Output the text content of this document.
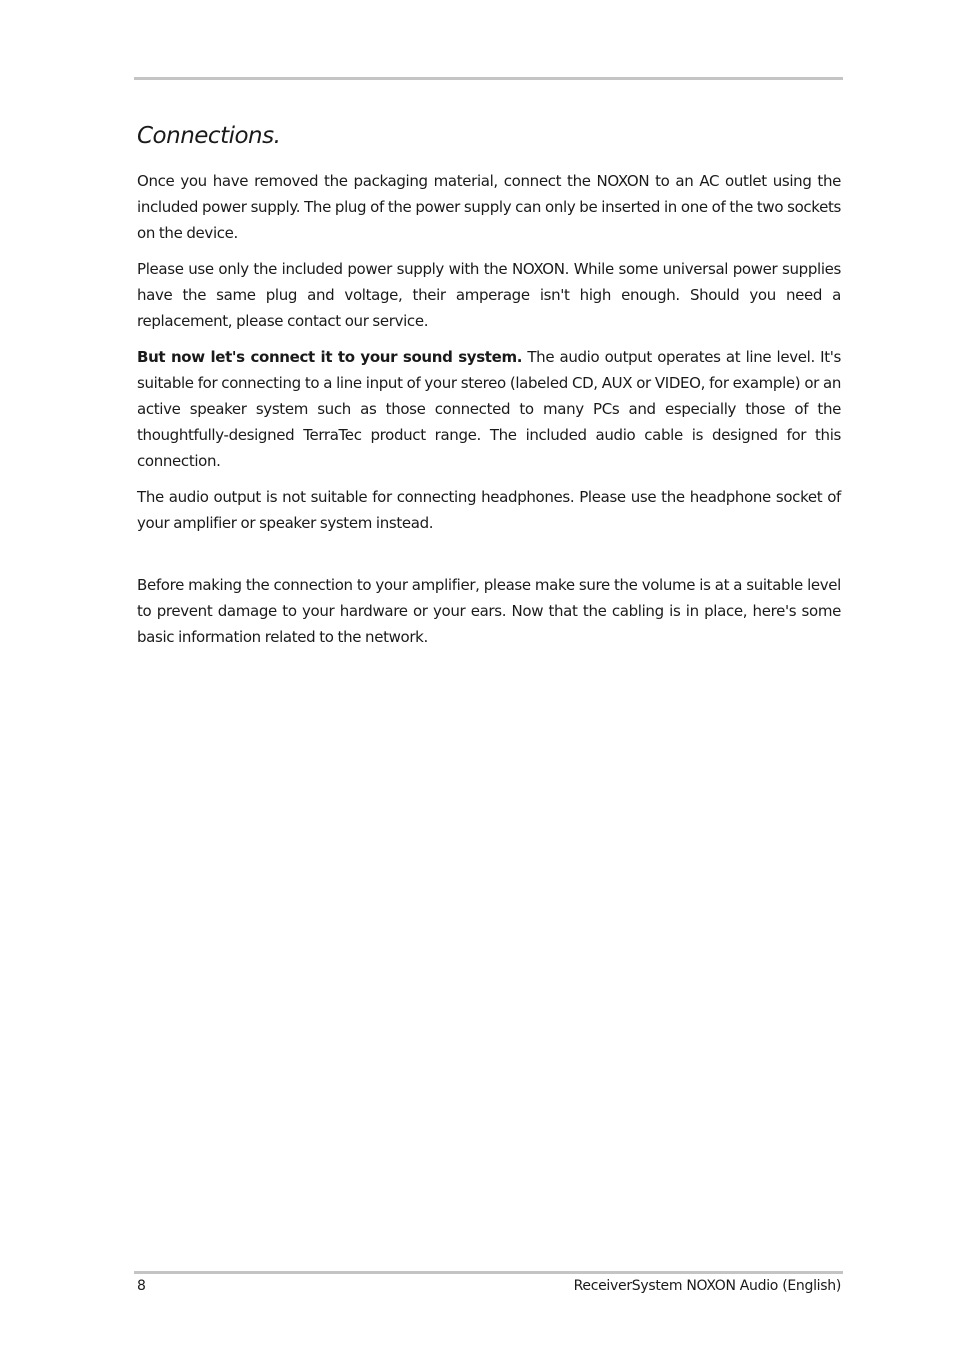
Connections.

Once you have removed the packaging material, connect the NOXON to an AC outlet using the included power supply. The plug of the power supply can only be inserted in one of the two sockets on the device.

Please use only the included power supply with the NOXON. While some universal power supplies have the same plug and voltage, their amperage isn't high enough. Should you need a replacement, please contact our service.

But now let's connect it to your sound system. The audio output operates at line level. It's suitable for connecting to a line input of your stereo (labeled CD, AUX or VIDEO, for example) or an active speaker system such as those connected to many PCs and especially those of the thoughtfully-designed TerraTec product range. The included audio cable is designed for this connection.

The audio output is not suitable for connecting headphones. Please use the headphone socket of your amplifier or speaker system instead.

Before making the connection to your amplifier, please make sure the volume is at a suitable level to prevent damage to your hardware or your ears. Now that the cabling is in place, here's some basic information related to the network.

8	ReceiverSystem NOXON Audio (English)
